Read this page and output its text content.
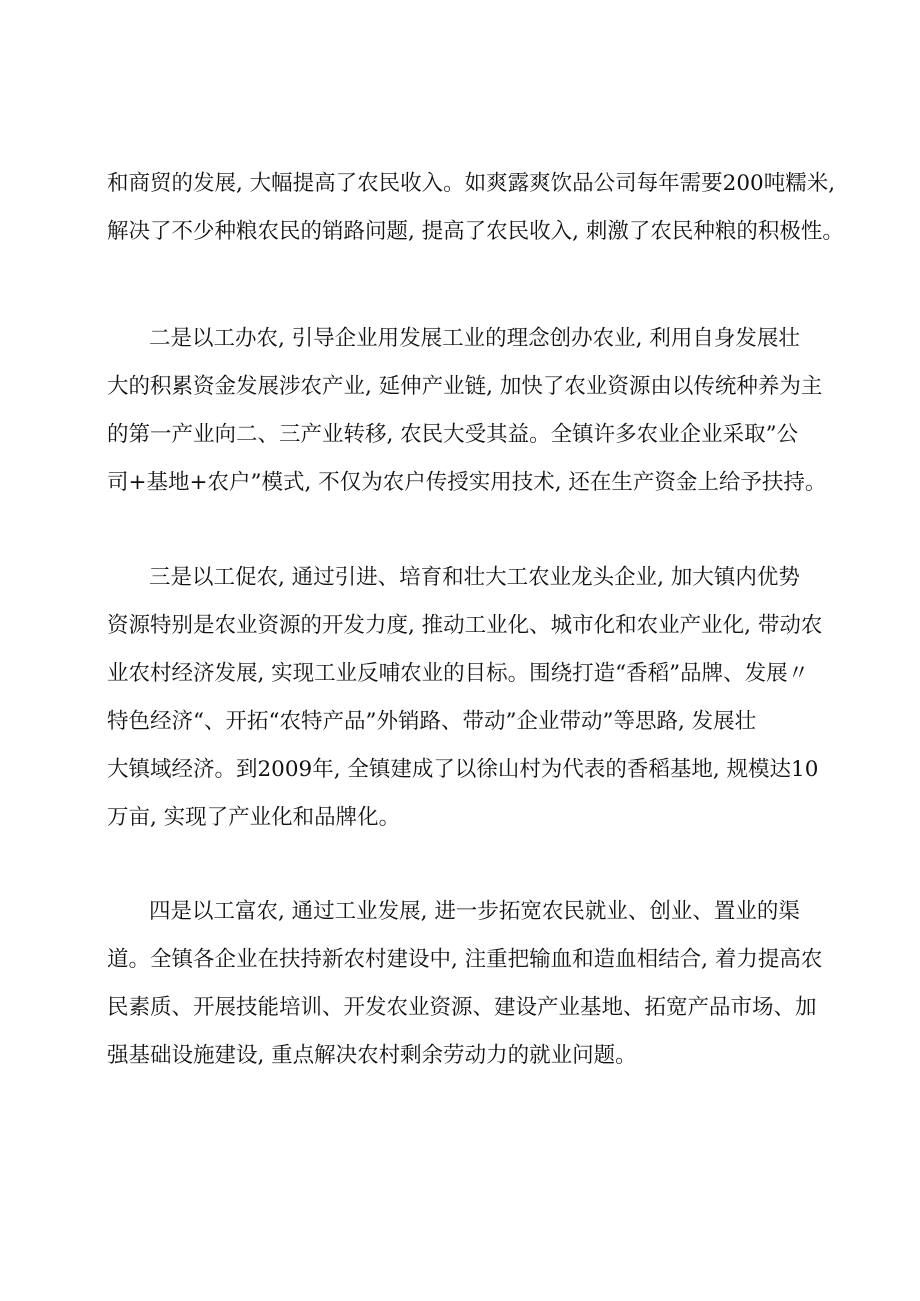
和商贸的发展, 大幅提高了农民收入。如爽露爽饮品公司每年需要200吨糯米,
解决了不少种粮农民的销路问题, 提高了农民收入, 刺激了农民种粮的积极性。
二是以工办农, 引导企业用发展工业的理念创办农业, 利用自身发展壮
大的积累资金发展涉农产业, 延伸产业链, 加快了农业资源由以传统种养为主
的第一产业向二、三产业转移, 农民大受其益。全镇许多农业企业采取”公
司+基地+农户”模式, 不仅为农户传授实用技术, 还在生产资金上给予扶持。
三是以工促农, 通过引进、培育和壮大工农业龙头企业, 加大镇内优势
资源特别是农业资源的开发力度, 推动工业化、城市化和农业产业化, 带动农
业农村经济发展, 实现工业反哺农业的目标。围绕打造“香稻”品牌、发展〃
特色经济“、开拓“农特产品”外销路、带动”企业带动”等思路, 发展壮
大镇域经济。到2009年, 全镇建成了以徐山村为代表的香稻基地, 规模达10
万亩, 实现了产业化和品牌化。
四是以工富农, 通过工业发展, 进一步拓宽农民就业、创业、置业的渠
道。全镇各企业在扶持新农村建设中, 注重把输血和造血相结合, 着力提高农
民素质、开展技能培训、开发农业资源、建设产业基地、拓宽产品市场、加
强基础设施建设, 重点解决农村剩余劳动力的就业问题。
